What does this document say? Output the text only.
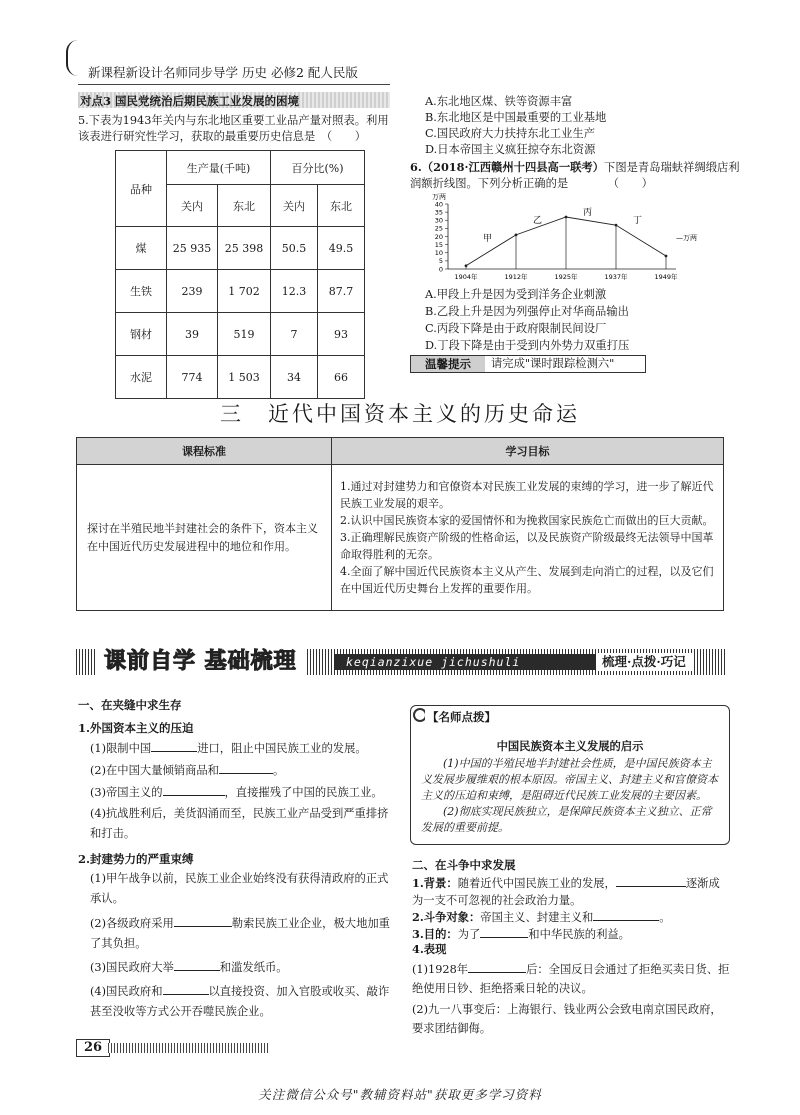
新课程新设计名师同步导学 历史 必修2 配人民版
对点3 国民党统治后期民族工业发展的困境
5.下表为1943年关内与东北地区重要工业品产量对照表。利用该表进行研究性学习，获取的最重要历史信息是　（　　）
品种	生产量(千吨)		百分比(%)	
	关内	东北	关内	东北
煤	25 935	25 398	50.5	49.5
生铁	239	1 702	12.3	87.7
钢材	39	519	7	93
水泥	774	1 503	34	66
A.东北地区煤、铁等资源丰富
B.东北地区是中国最重要的工业基地
C.国民政府大力扶持东北工业生产
D.日本帝国主义疯狂掠夺东北资源
6.（2018·江西赣州十四县高一联考）下图是青岛瑞蚨祥绸缎店利润额折线图。下列分析正确的是　　　　（　　）
万两
0
5
10
15
20
25
30
35
40
甲
乙
丙
丁
1904年	1912年	1925年	1937年	1949年
—万两
A.甲段上升是因为受到洋务企业刺激
B.乙段上升是因为列强停止对华商品输出
C.丙段下降是由于政府限制民间设厂
D.丁段下降是由于受到内外势力双重打压
温馨提示	请完成"课时跟踪检测六"
三　近代中国资本主义的历史命运
课程标准	学习目标
探讨在半殖民地半封建社会的条件下，资本主义在中国近代历史发展进程中的地位和作用。	1.通过对封建势力和官僚资本对民族工业发展的束缚的学习，进一步了解近代民族工业发展的艰辛。
2.认识中国民族资本家的爱国情怀和为挽救国家民族危亡而做出的巨大贡献。
3.正确理解民族资产阶级的性格命运，以及民族资产阶级最终无法领导中国革命取得胜利的无奈。
4.全面了解中国近代民族资本主义从产生、发展到走向消亡的过程，以及它们在中国近代历史舞台上发挥的重要作用。
keqianzixue jichushuli
课前自学 基础梳理	梳理·点拨·巧记
一、在夹缝中求生存
1.外国资本主义的压迫
(1)限制中国	进口，阻止中国民族工业的发展。
(2)在中国大量倾销商品和	。
(3)帝国主义的	，直接摧残了中国的民族工业。
(4)抗战胜利后，美货泅涌而至，民族工业产品受到严重排挤和打击。
2.封建势力的严重束缚
(1)甲午战争以前，民族工业企业始终没有获得清政府的正式承认。
(2)各级政府采用	勒索民族工业企业，极大地加重了其负担。
(3)国民政府大举	和滥发纸币。
(4)国民政府和	以直接投资、加入官股或收买、敲诈甚至没收等方式公开吞噬民族企业。
【名师点拨】
中国民族资本主义发展的启示
(1)中国的半殖民地半封建社会性质，是中国民族资本主义发展步履维艰的根本原因。帝国主义、封建主义和官僚资本主义的压迫和束缚，是阻碍近代民族工业发展的主要因素。
(2)彻底实现民族独立，是保障民族资本主义独立、正常发展的重要前提。
二、在斗争中求发展
1.背景：随着近代中国民族工业的发展，	逐渐成为一支不可忽视的社会政治力量。
2.斗争对象：帝国主义、封建主义和	。
3.目的：为了	和中华民族的利益。
4.表现
(1)1928年	后：全国反日会通过了拒绝买卖日货、拒绝使用日钞、拒绝搭乘日轮的决议。
(2)九一八事变后：上海银行、钱业两公会致电南京国民政府，要求团结御侮。
26
关注微信公众号"教辅资料站"获取更多学习资料
